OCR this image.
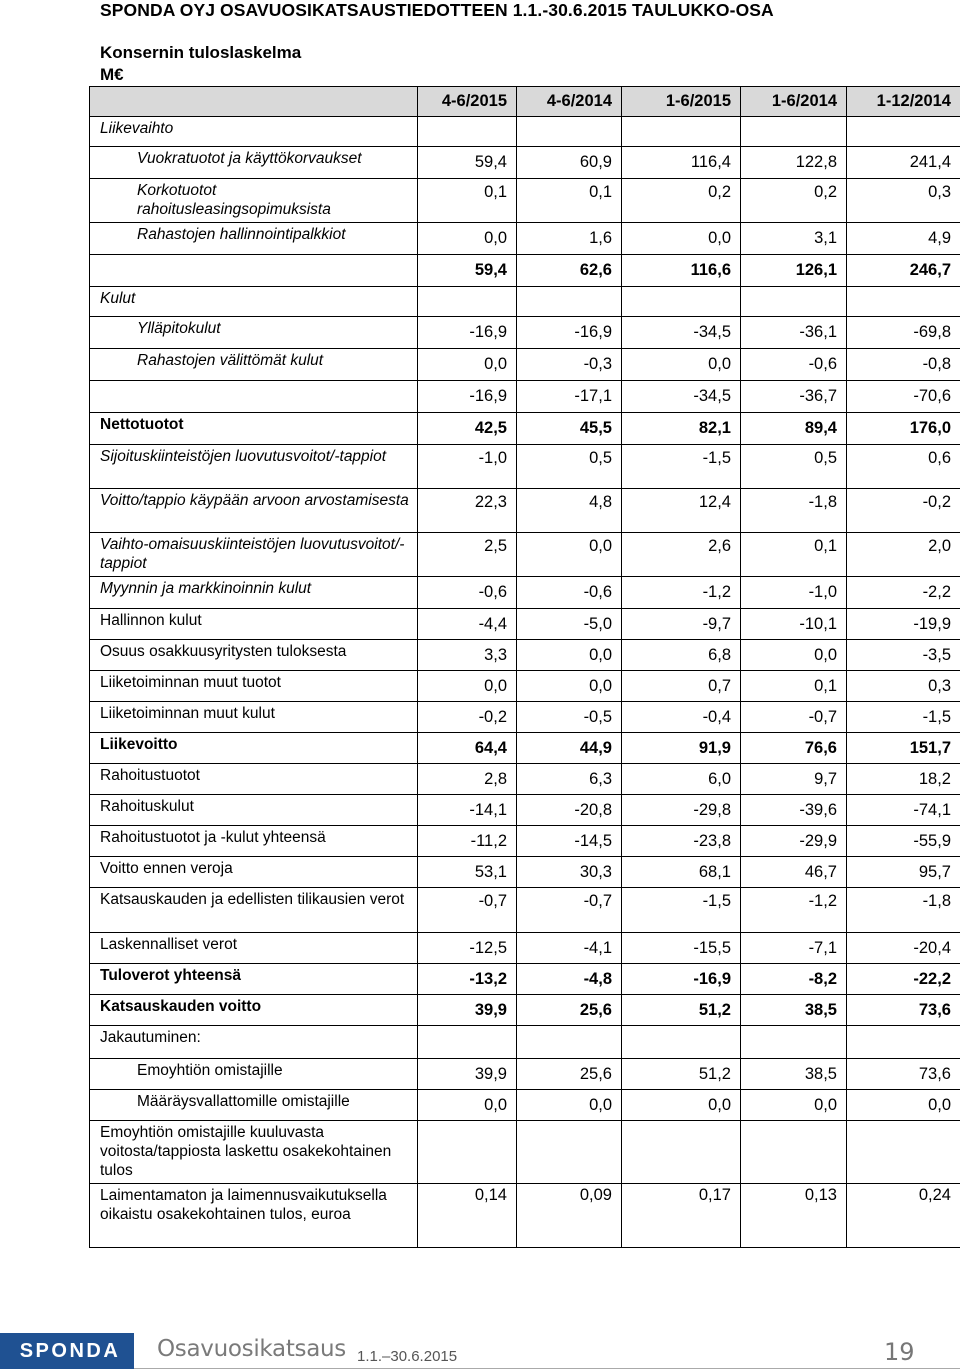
SPONDA OYJ OSAVUOSIKATSAUSTIEDOTTEEN 1.1.-30.6.2015 TAULUKKO-OSA
Konsernin tuloslaskelma
M€
	4-6/2015	4-6/2014	1-6/2015	1-6/2014	1-12/2014

Liikevaihto					

Vuokratuotot ja käyttökorvaukset	59,4	60,9	116,4	122,8	241,4

Korkotuotot rahoitusleasingsopimuksista	0,1	0,1	0,2	0,2	0,3

Rahastojen hallinnointipalkkiot	0,0	1,6	0,0	3,1	4,9

	59,4	62,6	116,6	126,1	246,7

Kulut					

Ylläpitokulut	-16,9	-16,9	-34,5	-36,1	-69,8

Rahastojen välittömät kulut	0,0	-0,3	0,0	-0,6	-0,8

	-16,9	-17,1	-34,5	-36,7	-70,6

Nettotuotot	42,5	45,5	82,1	89,4	176,0

Sijoituskiinteistöjen luovutusvoitot/-tappiot	-1,0	0,5	-1,5	0,5	0,6

Voitto/tappio käypään arvoon arvostamisesta	22,3	4,8	12,4	-1,8	-0,2

Vaihto-omaisuuskiinteistöjen luovutusvoitot/-tappiot	2,5	0,0	2,6	0,1	2,0

Myynnin ja markkinoinnin kulut	-0,6	-0,6	-1,2	-1,0	-2,2

Hallinnon kulut	-4,4	-5,0	-9,7	-10,1	-19,9

Osuus osakkuusyritysten tuloksesta	3,3	0,0	6,8	0,0	-3,5

Liiketoiminnan muut tuotot	0,0	0,0	0,7	0,1	0,3

Liiketoiminnan muut kulut	-0,2	-0,5	-0,4	-0,7	-1,5

Liikevoitto	64,4	44,9	91,9	76,6	151,7

Rahoitustuotot	2,8	6,3	6,0	9,7	18,2

Rahoituskulut	-14,1	-20,8	-29,8	-39,6	-74,1

Rahoitustuotot ja -kulut yhteensä	-11,2	-14,5	-23,8	-29,9	-55,9

Voitto ennen veroja	53,1	30,3	68,1	46,7	95,7

Katsauskauden ja edellisten tilikausien verot	-0,7	-0,7	-1,5	-1,2	-1,8

Laskennalliset verot	-12,5	-4,1	-15,5	-7,1	-20,4

Tuloverot yhteensä	-13,2	-4,8	-16,9	-8,2	-22,2

Katsauskauden voitto	39,9	25,6	51,2	38,5	73,6

Jakautuminen:					

Emoyhtiön omistajille	39,9	25,6	51,2	38,5	73,6

Määräysvallattomille omistajille	0,0	0,0	0,0	0,0	0,0

Emoyhtiön omistajille kuuluvasta voitosta/tappiosta laskettu osakekohtainen tulos					

Laimentamaton ja laimennusvaikutuksella oikaistu osakekohtainen tulos, euroa	0,14	0,09	0,17	0,13	0,24
SPONDA Osavuosikatsaus 1.1.–30.6.2015	19
